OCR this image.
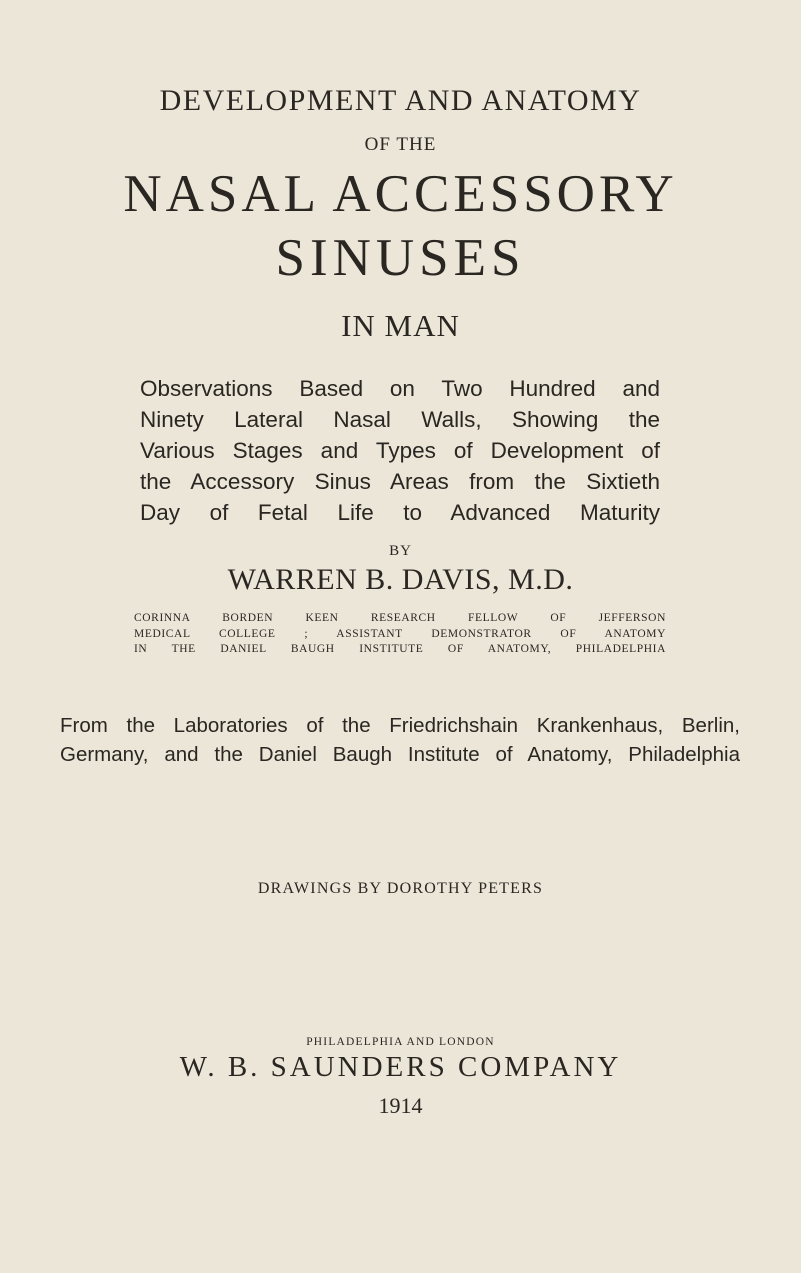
DEVELOPMENT AND ANATOMY
OF THE
NASAL ACCESSORY
SINUSES
IN MAN
Observations Based on Two Hundred and
Ninety Lateral Nasal Walls, Showing the
Various Stages and Types of Development of
the Accessory Sinus Areas from the Sixtieth
Day of Fetal Life to Advanced Maturity
BY
WARREN B. DAVIS, M.D.
CORINNA BORDEN KEEN RESEARCH FELLOW OF JEFFERSON
MEDICAL COLLEGE ; ASSISTANT DEMONSTRATOR OF ANATOMY
IN THE DANIEL BAUGH INSTITUTE OF ANATOMY, PHILADELPHIA
From the Laboratories of the Friedrichshain Krankenhaus, Berlin,
Germany, and the Daniel Baugh Institute of Anatomy, Philadelphia
DRAWINGS BY DOROTHY PETERS
PHILADELPHIA AND LONDON
W. B. SAUNDERS COMPANY
1914
